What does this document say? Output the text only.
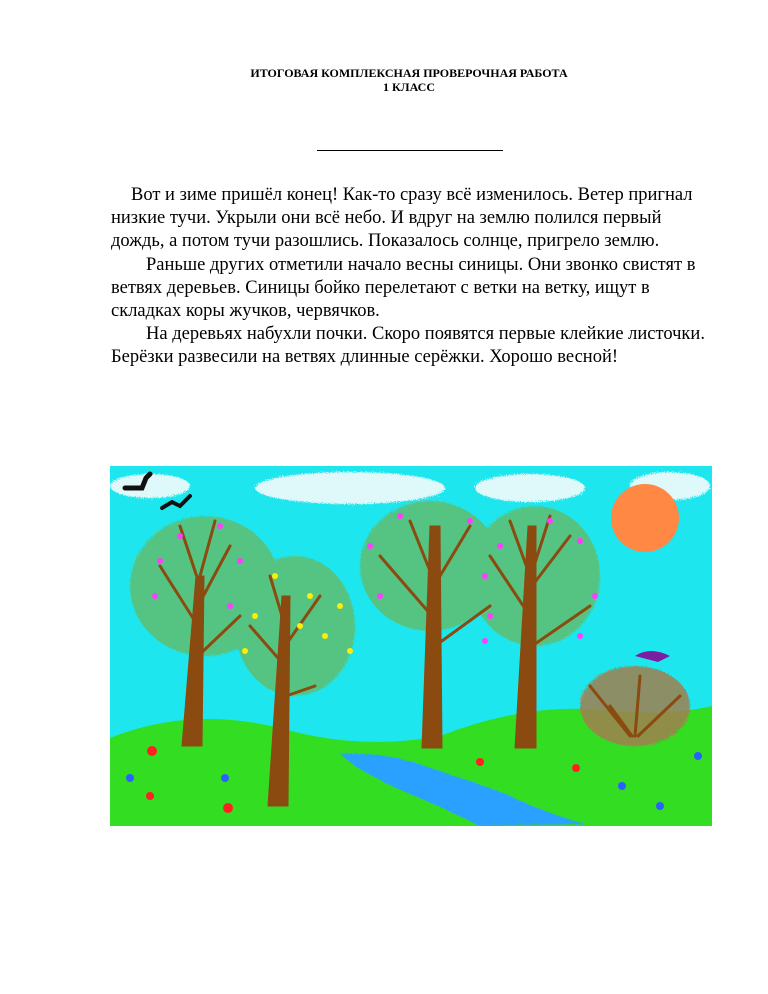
ИТОГОВАЯ КОМПЛЕКСНАЯ ПРОВЕРОЧНАЯ РАБОТА
1 КЛАСС

Вот и зиме пришёл конец! Как-то сразу всё изменилось. Ветер пригнал низкие тучи. Укрыли они всё небо. И вдруг на землю полился первый дождь, а потом тучи разошлись. Показалось солнце, пригрело землю.

Раньше других отметили начало весны синицы. Они звонко свистят в ветвях деревьев. Синицы бойко перелетают с ветки на ветку, ищут в складках коры жучков, червячков.

На деревьях набухли почки. Скоро появятся первые клейкие листочки. Берёзки развесили на ветвях длинные серёжки. Хорошо весной!
